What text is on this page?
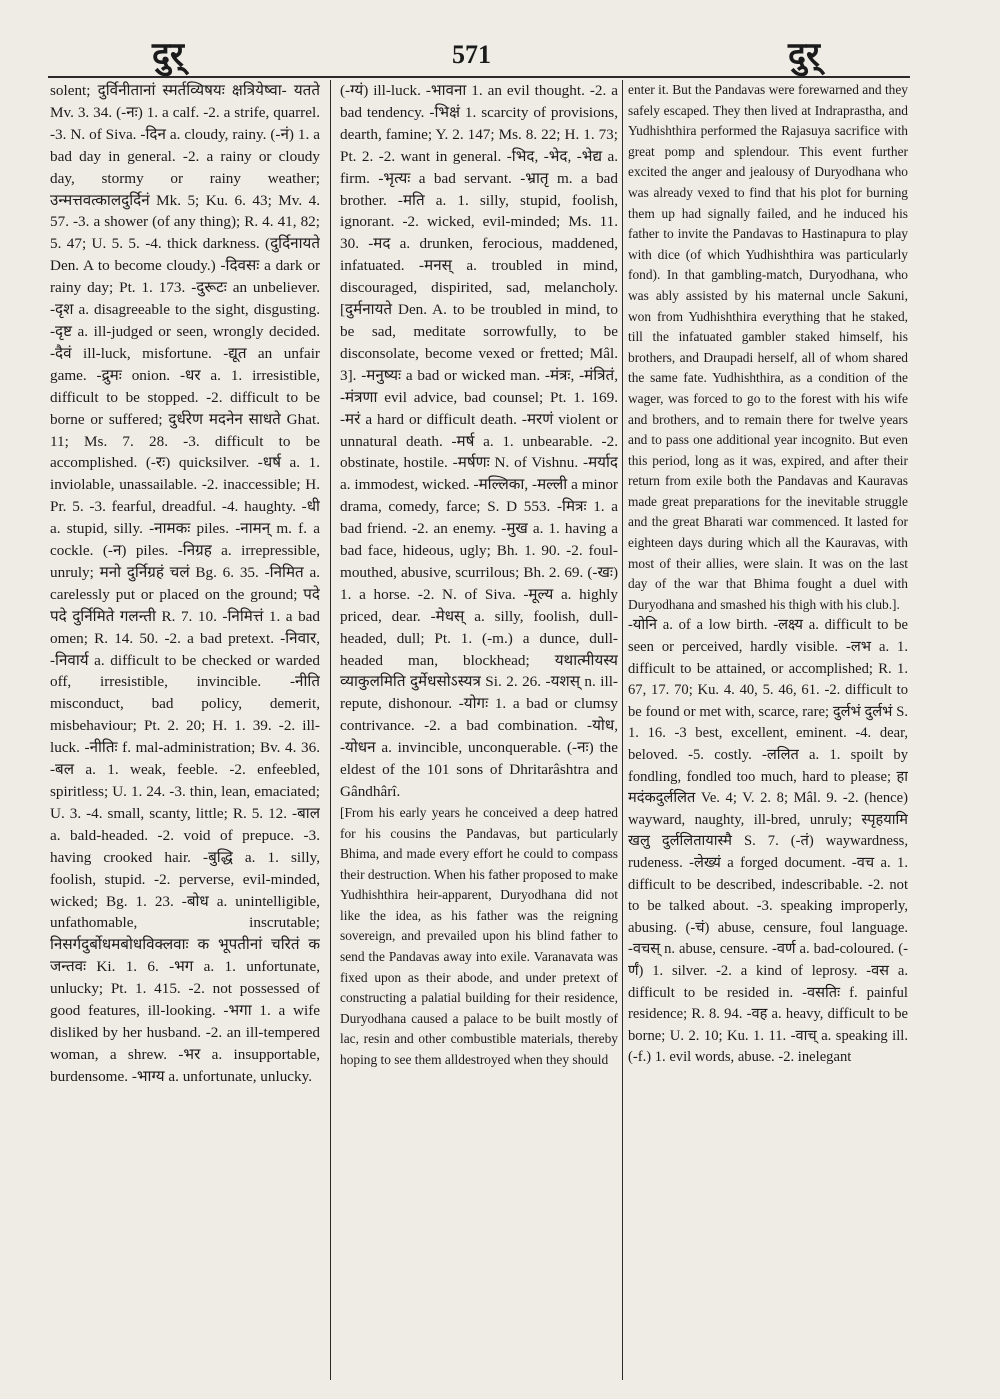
दुर्	571	दुर्

solent; दुर्विनीतानां स्मर्तव्यिषयः क्षत्रियेष्वा- यतते Mv. 3. 34. (-नः) 1. a calf. -2. a strife, quarrel. -3. N. of Siva. -दिन a. cloudy, rainy. (-नं) 1. a bad day in general. -2. a rainy or cloudy day, stormy or rainy weather; उन्मत्तवत्कालदुर्दिनं Mk. 5; Ku. 6. 43; Mv. 4. 57. -3. a shower (of any thing); R. 4. 41, 82; 5. 47; U. 5. 5. -4. thick darkness. (दुर्दिनायते Den. A to become cloudy.) -दिवसः a dark or rainy day; Pt. 1. 173. -दुरूटः an unbeliever. -दृश a. disagreeable to the sight, disgusting. -दृष्ट a. ill-judged or seen, wrongly decided. -दैवं ill-luck, misfortune. -द्यूत an unfair game. -द्रुमः onion. -धर a. 1. irresistible, difficult to be stopped. -2. difficult to be borne or suffered; दुर्धरेण मदनेन साधते Ghat. 11; Ms. 7. 28. -3. difficult to be accomplished. (-रः) quicksilver. -धर्ष a. 1. inviolable, unassailable. -2. inaccessible; H. Pr. 5. -3. fearful, dreadful. -4. haughty. -धी a. stupid, silly. -नामकः piles. -नामन् m. f. a cockle. (-न) piles. -निग्रह a. irrepressible, unruly; मनो दुर्निग्रहं चलं Bg. 6. 35. -निमित a. carelessly put or placed on the ground; पदे पदे दुर्निमिते गलन्ती R. 7. 10. -निमित्तं 1. a bad omen; R. 14. 50. -2. a bad pretext. -निवार, -निवार्य a. difficult to be checked or warded off, irresistible, invincible. -नीति misconduct, bad policy, demerit, misbehaviour; Pt. 2. 20; H. 1. 39. -2. ill-luck. -नीतिः f. mal-administration; Bv. 4. 36. -बल a. 1. weak, feeble. -2. enfeebled, spiritless; U. 1. 24. -3. thin, lean, emaciated; U. 3. -4. small, scanty, little; R. 5. 12. -बाल a. bald-headed. -2. void of prepuce. -3. having crooked hair. -बुद्धि a. 1. silly, foolish, stupid. -2. perverse, evil-minded, wicked; Bg. 1. 23. -बोध a. unintelligible, unfathomable, inscrutable; निसर्गदुर्बोधमबोधविक्लवाः क भूपतीनां चरितं क जन्तवः Ki. 1. 6. -भग a. 1. unfortunate, unlucky; Pt. 1. 415. -2. not possessed of good features, ill-looking. -भगा 1. a wife disliked by her husband. -2. an ill-tempered woman, a shrew. -भर a. insupportable, burdensome. -भाग्य a. unfortunate, unlucky.

(-ग्यं) ill-luck. -भावना 1. an evil thought. -2. a bad tendency. -भिक्षं 1. scarcity of provisions, dearth, famine; Y. 2. 147; Ms. 8. 22; H. 1. 73; Pt. 2. -2. want in general. -भिद, -भेद, -भेद्य a. firm. -भृत्यः a bad servant. -भ्रातृ m. a bad brother. -मति a. 1. silly, stupid, foolish, ignorant. -2. wicked, evil-minded; Ms. 11. 30. -मद a. drunken, ferocious, maddened, infatuated. -मनस् a. troubled in mind, discouraged, dispirited, sad, melancholy. [दुर्मनायते Den. A. to be troubled in mind, to be sad, meditate sorrowfully, to be disconsolate, become vexed or fretted; Mâl. 3]. -मनुष्यः a bad or wicked man. -मंत्रः, -मंत्रितं, -मंत्रणा evil advice, bad counsel; Pt. 1. 169. -मरं a hard or difficult death. -मरणं violent or unnatural death. -मर्ष a. 1. unbearable. -2. obstinate, hostile. -मर्षणः N. of Vishnu. -मर्याद a. immodest, wicked. -मल्लिका, -मल्ली a minor drama, comedy, farce; S. D 553. -मित्रः 1. a bad friend. -2. an enemy. -मुख a. 1. having a bad face, hideous, ugly; Bh. 1. 90. -2. foul-mouthed, abusive, scurrilous; Bh. 2. 69. (-खः) 1. a horse. -2. N. of Siva. -मूल्य a. highly priced, dear. -मेधस् a. silly, foolish, dull-headed, dull; Pt. 1. (-m.) a dunce, dull-headed man, blockhead; यथात्मीयस्य व्याकुलमिति दुर्मेधसोऽस्यत्र Si. 2. 26. -यशस् n. ill-repute, dishonour. -योगः 1. a bad or clumsy contrivance. -2. a bad combination. -योध, -योधन a. invincible, unconquerable. (-नः) the eldest of the 101 sons of Dhritarâshtra and Gândhârî.

[From his early years he conceived a deep hatred for his cousins the Pandavas, but particularly Bhima, and made every effort he could to compass their destruction. When his father proposed to make Yudhishthira heir-apparent, Duryodhana did not like the idea, as his father was the reigning sovereign, and prevailed upon his blind father to send the Pandavas away into exile. Varanavata was fixed upon as their abode, and under pretext of constructing a palatial building for their residence, Duryodhana caused a palace to be built mostly of lac, resin and other combustible materials, thereby hoping to see them alldestroyed when they should

enter it. But the Pandavas were forewarned and they safely escaped. They then lived at Indraprastha, and Yudhishthira performed the Rajasuya sacrifice with great pomp and splendour. This event further excited the anger and jealousy of Duryodhana who was already vexed to find that his plot for burning them up had signally failed, and he induced his father to invite the Pandavas to Hastinapura to play with dice (of which Yudhishthira was particularly fond). In that gambling-match, Duryodhana, who was ably assisted by his maternal uncle Sakuni, won from Yudhishthira everything that he staked, till the infatuated gambler staked himself, his brothers, and Draupadi herself, all of whom shared the same fate. Yudhishthira, as a condition of the wager, was forced to go to the forest with his wife and brothers, and to remain there for twelve years and to pass one additional year incognito. But even this period, long as it was, expired, and after their return from exile both the Pandavas and Kauravas made great preparations for the inevitable struggle and the great Bharati war commenced. It lasted for eighteen days during which all the Kauravas, with most of their allies, were slain. It was on the last day of the war that Bhima fought a duel with Duryodhana and smashed his thigh with his club.].

-योनि a. of a low birth. -लक्ष्य a. difficult to be seen or perceived, hardly visible. -लभ a. 1. difficult to be attained, or accomplished; R. 1. 67, 17. 70; Ku. 4. 40, 5. 46, 61. -2. difficult to be found or met with, scarce, rare; दुर्लभं दुर्लभं S. 1. 16. -3 best, excellent, eminent. -4. dear, beloved. -5. costly. -ललित a. 1. spoilt by fondling, fondled too much, hard to please; हा मदंकदुर्ललित Ve. 4; V. 2. 8; Mâl. 9. -2. (hence) wayward, naughty, ill-bred, unruly; स्पृहयामि खलु दुर्ललितायास्मै S. 7. (-तं) waywardness, rudeness. -लेख्यं a forged document. -वच a. 1. difficult to be described, indescribable. -2. not to be talked about. -3. speaking improperly, abusing. (-चं) abuse, censure, foul language. -वचस् n. abuse, censure. -वर्ण a. bad-coloured. (-र्णं) 1. silver. -2. a kind of leprosy. -वस a. difficult to be resided in. -वसतिः f. painful residence; R. 8. 94. -वह a. heavy, difficult to be borne; U. 2. 10; Ku. 1. 11. -वाच् a. speaking ill. (-f.) 1. evil words, abuse. -2. inelegant
